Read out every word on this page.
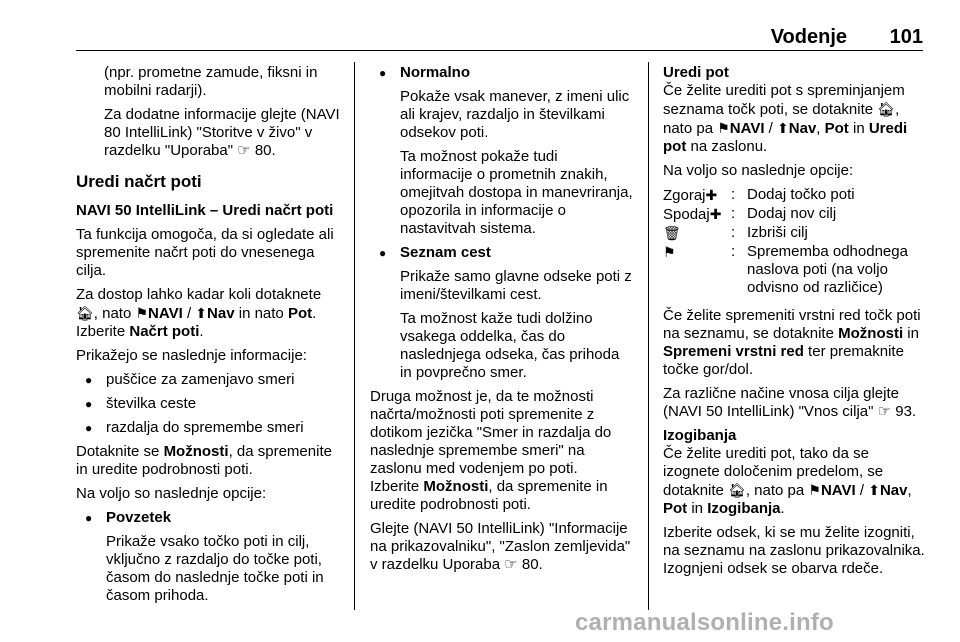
Vodenje 101

(npr. prometne zamude, fiksni in mobilni radarji).

Za dodatne informacije glejte (NAVI 80 IntelliLink) "Storitve v živo" v razdelku "Uporaba" ☞ 80.

Uredi načrt poti

NAVI 50 IntelliLink – Uredi načrt poti

Ta funkcija omogoča, da si ogledate ali spremenite načrt poti do vnesenega cilja.

Za dostop lahko kadar koli dotaknete 🏠︎, nato ⚑NAVI / ⬆Nav in nato Pot. Izberite Načrt poti.

Prikažejo se naslednje informacije:

● puščice za zamenjavo smeri
● številka ceste
● razdalja do spremembe smeri

Dotaknite se Možnosti, da spremenite in uredite podrobnosti poti.

Na voljo so naslednje opcije:

● Povzetek

Prikaže vsako točko poti in cilj, vključno z razdaljo do točke poti, časom do naslednje točke poti in časom prihoda.

● Normalno

Pokaže vsak manever, z imeni ulic ali krajev, razdaljo in številkami odsekov poti.

Ta možnost pokaže tudi informacije o prometnih znakih, omejitvah dostopa in manevriranja, opozorila in informacije o nastavitvah sistema.

● Seznam cest

Prikaže samo glavne odseke poti z imeni/številkami cest.

Ta možnost kaže tudi dolžino vsakega oddelka, čas do naslednjega odseka, čas prihoda in povprečno smer.

Druga možnost je, da te možnosti načrta/možnosti poti spremenite z dotikom jezička "Smer in razdalja do naslednje spremembe smeri" na zaslonu med vodenjem po poti.

Izberite Možnosti, da spremenite in uredite podrobnosti poti.

Glejte (NAVI 50 IntelliLink) "Informacije na prikazovalniku", "Zaslon zemljevida" v razdelku Uporaba ☞ 80.

Uredi pot
Če želite urediti pot s spreminjanjem seznama točk poti, se dotaknite 🏠︎, nato pa ⚑NAVI / ⬆Nav, Pot in Uredi pot na zaslonu.

Na voljo so naslednje opcije:

Zgoraj✚ : Dodaj točko poti
Spodaj✚ : Dodaj nov cilj
🗑	: Izbriši cilj
⚑	: Sprememba odhodnega naslova poti (na voljo odvisno od različice)

Če želite spremeniti vrstni red točk poti na seznamu, se dotaknite Možnosti in Spremeni vrstni red ter premaknite točke gor/dol.

Za različne načine vnosa cilja glejte (NAVI 50 IntelliLink) "Vnos cilja" ☞ 93.

Izogibanja
Če želite urediti pot, tako da se izognete določenim predelom, se dotaknite 🏠︎, nato pa ⚑NAVI / ⬆Nav, Pot in Izogibanja.

Izberite odsek, ki se mu želite izogniti, na seznamu na zaslonu prikazovalnika. Izognjeni odsek se obarva rdeče.

carmanualsonline.info
